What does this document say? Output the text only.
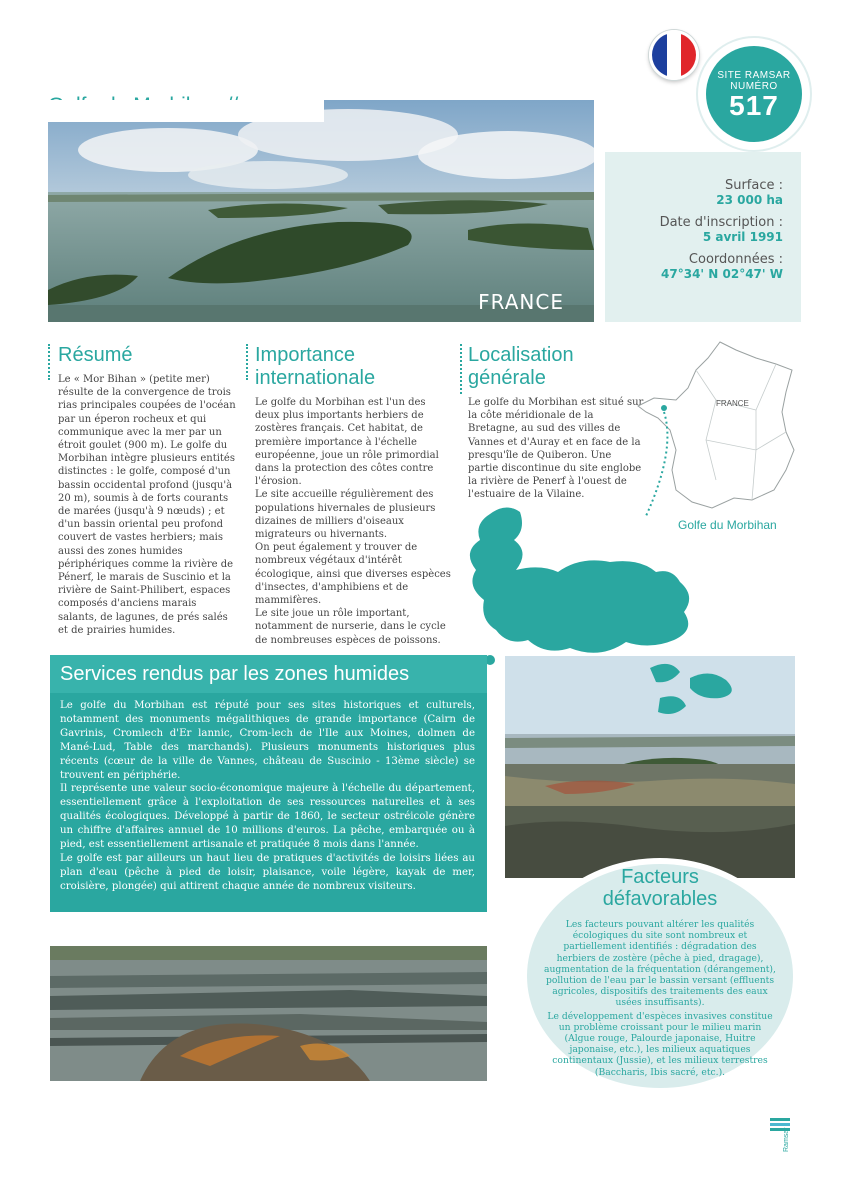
FRANCE
SITE RAMSAR
NUMÉRO
517
Surface :
23 000 ha
Date d'inscription :
5 avril 1991
Coordonnées :
47°34' N 02°47' W
Résumé

Le « Mor Bihan » (petite mer) résulte de la convergence de trois rias principales coupées de l'océan par un éperon rocheux et qui communique avec la mer par un étroit goulet (900 m). Le golfe du Morbihan intègre plusieurs entités distinctes : le golfe, composé d'un bassin occidental profond (jusqu'à 20 m), soumis à de forts courants de marées (jusqu'à 9 nœuds) ; et d'un bassin oriental peu profond couvert de vastes herbiers; mais aussi des zones humides périphériques comme la rivière de Pénerf, le marais de Suscinio et la rivière de Saint-Philibert, espaces composés d'anciens marais salants, de lagunes, de prés salés et de prairies humides.

Importance
internationale

Le golfe du Morbihan est l'un des deux plus importants herbiers de zostères français. Cet habitat, de première importance à l'échelle européenne, joue un rôle primordial dans la protection des côtes contre l'érosion.

Le site accueille régulièrement des populations hivernales de plusieurs dizaines de milliers d'oiseaux migrateurs ou hivernants.

On peut également y trouver de nombreux végétaux d'intérêt écologique, ainsi que diverses espèces d'insectes, d'amphibiens et de mammifères.

Le site joue un rôle important, notamment de nurserie, dans le cycle de nombreuses espèces de poissons.

Localisation
générale

Le golfe du Morbihan est situé sur la côte méridionale de la Bretagne, au sud des villes de Vannes et d'Auray et en face de la presqu'île de Quiberon. Une partie discontinue du site englobe la rivière de Penerf à l'ouest de l'estuaire de la Vilaine.

FRANCE
Golfe du Morbihan
Services rendus par les zones humides

Le golfe du Morbihan est réputé pour ses sites historiques et culturels, notamment des monuments mégalithiques de grande importance (Cairn de Gavrinis, Cromlech d'Er lannic, Crom-lech de l'Ile aux Moines, dolmen de Mané-Lud, Table des marchands). Plusieurs monuments historiques plus récents (cœur de la ville de Vannes, château de Suscinio - 13ème siècle) se trouvent en périphérie.

Il représente une valeur socio-économique majeure à l'échelle du département, essentiellement grâce à l'exploitation de ses ressources naturelles et à ses qualités écologiques. Développé à partir de 1860, le secteur ostréicole génère un chiffre d'affaires annuel de 10 millions d'euros. La pêche, embarquée ou à pied, est essentiellement artisanale et pratiquée 8 mois dans l'année.

Le golfe est par ailleurs un haut lieu de pratiques d'activités de loisirs liées au plan d'eau (pêche à pied de loisir, plaisance, voile légère, kayak de mer, croisière, plongée) qui attirent chaque année de nombreux visiteurs.	Facteurs
défavorables

Les facteurs pouvant altérer les qualités écologiques du site sont nombreux et partiellement identifiés : dégradation des herbiers de zostère (pêche à pied, dragage), augmentation de la fréquentation (dérangement), pollution de l'eau par le bassin versant (effluents agricoles, dispositifs des traitements des eaux usées insuffisants).

Le développement d'espèces invasives constitue un problème croissant pour le milieu marin (Algue rouge, Palourde japonaise, Huitre japonaise, etc.), les milieux aquatiques continentaux (Jussie), et les milieux terrestres (Baccharis, Ibis sacré, etc.).

Ramsar
